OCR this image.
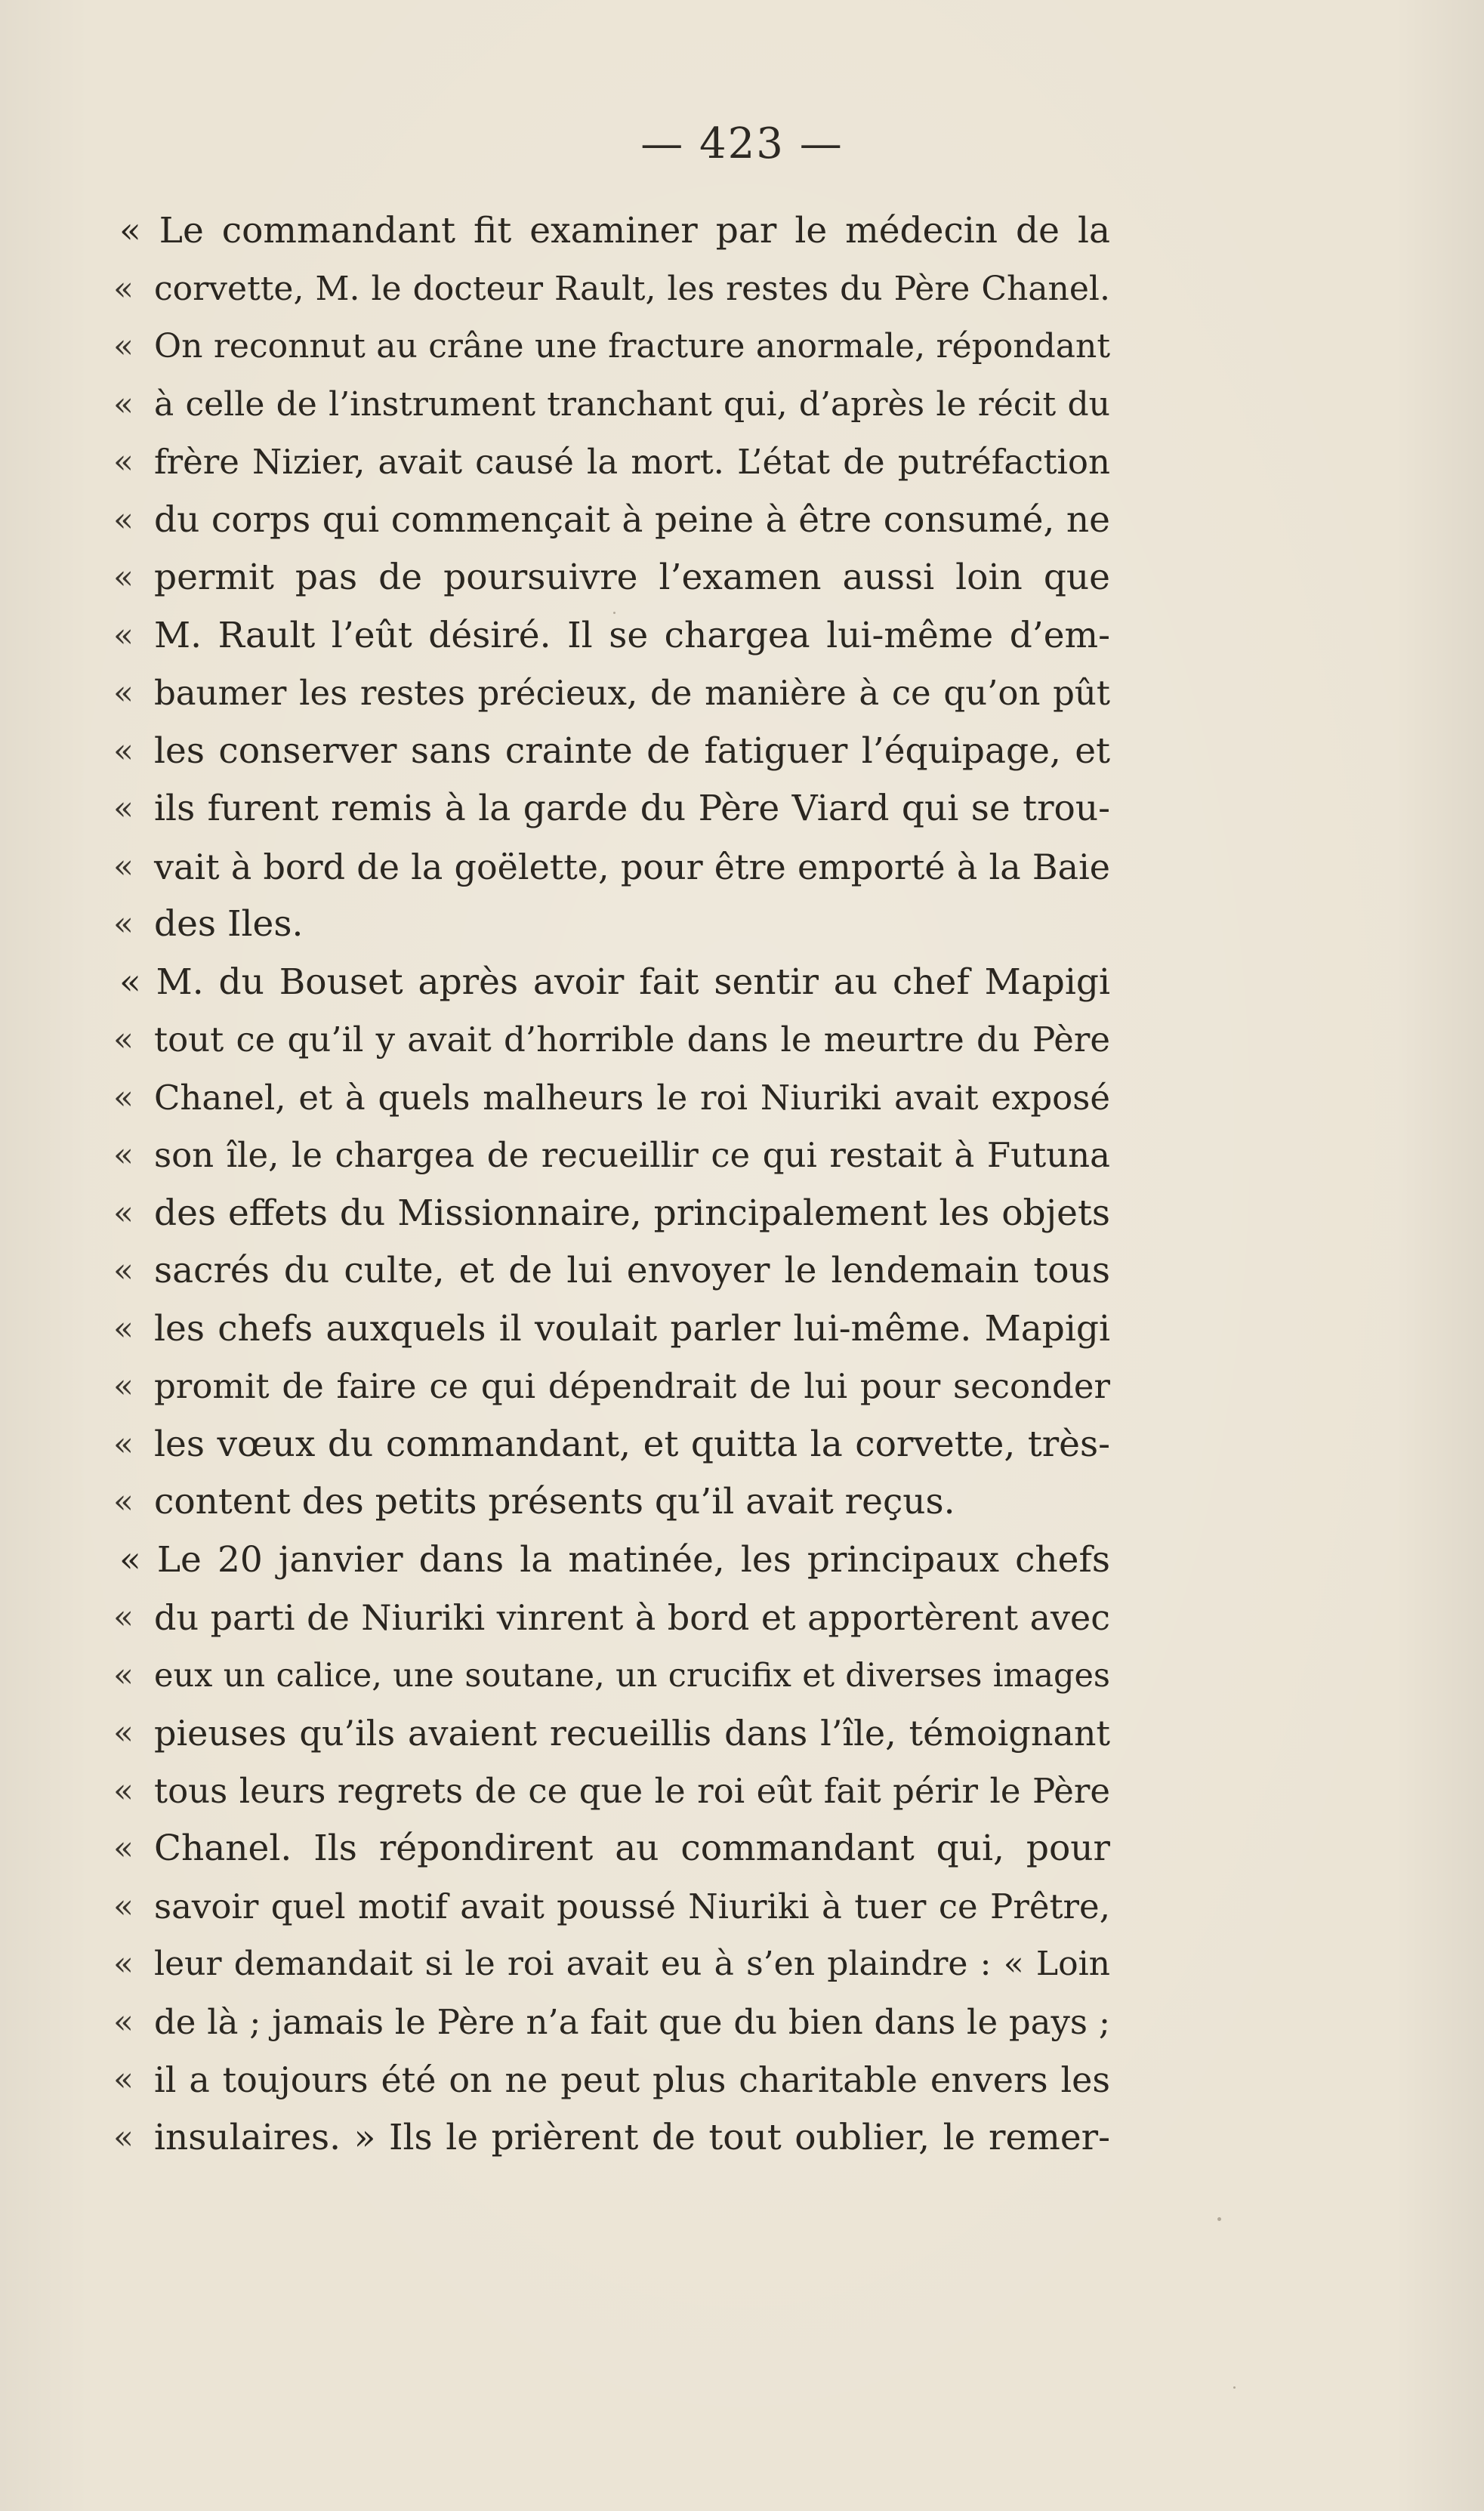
— 423 —
« Le commandant fit examiner par le médecin de la
« corvette, M. le docteur Rault, les restes du Père Chanel.
« On reconnut au crâne une fracture anormale, répondant
« à celle de l’instrument tranchant qui, d’après le récit du
« frère Nizier, avait causé la mort. L’état de putréfaction
« du corps qui commençait à peine à être consumé, ne
« permit pas de poursuivre l’examen aussi loin que
« M. Rault l’eût désiré. Il se chargea lui-même d’em-
« baumer les restes précieux, de manière à ce qu’on pût
« les conserver sans crainte de fatiguer l’équipage, et
« ils furent remis à la garde du Père Viard qui se trou-
« vait à bord de la goëlette, pour être emporté à la Baie
« des Iles.
« M. du Bouset après avoir fait sentir au chef Mapigi
« tout ce qu’il y avait d’horrible dans le meurtre du Père
« Chanel, et à quels malheurs le roi Niuriki avait exposé
« son île, le chargea de recueillir ce qui restait à Futuna
« des effets du Missionnaire, principalement les objets
« sacrés du culte, et de lui envoyer le lendemain tous
« les chefs auxquels il voulait parler lui-même. Mapigi
« promit de faire ce qui dépendrait de lui pour seconder
« les vœux du commandant, et quitta la corvette, très-
« content des petits présents qu’il avait reçus.
« Le 20 janvier dans la matinée, les principaux chefs
« du parti de Niuriki vinrent à bord et apportèrent avec
« eux un calice, une soutane, un crucifix et diverses images
« pieuses qu’ils avaient recueillis dans l’île, témoignant
« tous leurs regrets de ce que le roi eût fait périr le Père
« Chanel. Ils répondirent au commandant qui, pour
« savoir quel motif avait poussé Niuriki à tuer ce Prêtre,
« leur demandait si le roi avait eu à s’en plaindre : « Loin
« de là ; jamais le Père n’a fait que du bien dans le pays ;
« il a toujours été on ne peut plus charitable envers les
« insulaires. » Ils le prièrent de tout oublier, le remer-
